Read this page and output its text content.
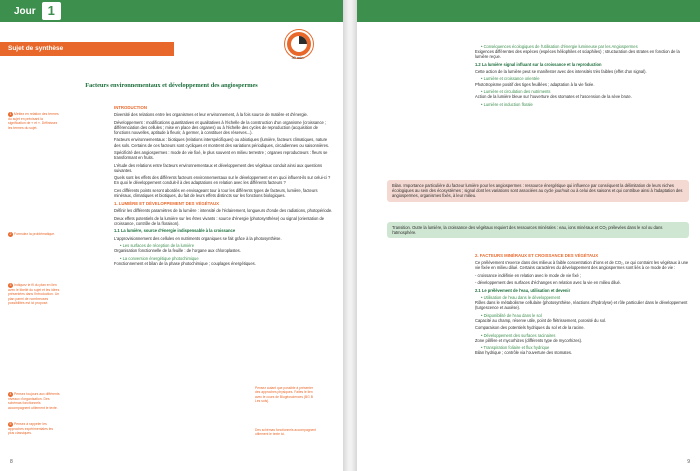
Jour 1
Sujet de synthèse
30 min.
Facteurs environnementaux et développement des angiospermes
1 Mettez en relation des termes du sujet en précisant la signification de « et ». Définissez les termes du sujet.
2 Formulez la problématique.
3 Indiquez le fil du plan en lien avec le libellé du sujet et les idées présentées dans l'introduction. Un plan parmi de nombreuses possibilités est ici proposé.
4 Pensez toujours aux différents niveaux d'organisation. Des schémas fonctionnels accompagnent utilement le texte.
5 Pensez à rappeler les approches expérimentales les plus classiques.
INTRODUCTION

Diversité des relations entre les organismes et leur environnement, à la fois source de matière et d'énergie.

Développement : modifications quantitatives et qualitatives à l'échelle de la construction d'un organisme (croissance ; différenciation des cellules ; mise en place des organes) ou à l'échelle des cycles de reproduction (acquisition de fonctions nouvelles, aptitude à fleurir, à germer, à constituer des réserves...).

Facteurs environnementaux : biotiques (relations interspécifiques) ou abiotiques (lumière, facteurs climatiques, nature des sols. Certains de ces facteurs sont cycliques et montrent des variations périodiques, circadiennes ou saisonnières.

Spécificité des angiospermes : mode de vie fixé, le plus souvent en milieu terrestre ; organes reproducteurs : fleurs se transformant en fruits.

L'étude des relations entre facteurs environnementaux et développement des végétaux conduit ainsi aux questions suivantes.

Quels sont les effets des différents facteurs environnementaux sur le développement et en quoi influent-ils sur celui-ci ? En quoi le développement conduit-il à des adaptations en relation avec les différents facteurs ?

Ces différents points seront abordés en envisageant tour à tour les différents types de facteurs, lumière, facteurs minéraux, climatiques et biotiques, du fait de leurs effets distincts sur les fonctions biologiques.

1. LUMIÈRE ET DÉVELOPPEMENT DES VÉGÉTAUX

Définir les différents paramètres de la lumière : intensité de l'éclairement, longueurs d'onde des radiations, photopériode.

Deux effets potentiels de la lumière sur les êtres vivants : source d'énergie (photosynthèse) ou signal (orientation de croissance, contrôle de la floraison).

1.1 La lumière, source d'énergie indispensable à la croissance

L'approvisionnement des cellules en nutriments organiques se fait grâce à la photosynthèse.

• Les surfaces de réception de la lumière

Organisation fonctionnelle de la feuille : de l'organe aux chloroplastes.

• La conversion énergétique photochimique

Fonctionnement et bilan de la phase photochimique ; couplages énergétiques.

Pensez autant que possible à présenter des approches physiques. Faites le lien avec le cours de Biogéosciences (BG B Les sols).
Des schémas fonctionnels accompagnent utilement le texte ici.
8
• Conséquences écologiques de l'utilisation d'énergie lumineuse par les Angiospermes

Exigences différentes des espèces (espèces héliophiles et sciaphiles) ; structuration des strates en fonction de la lumière reçue.

1.2 La lumière signal influant sur la croissance et la reproduction

Cette action de la lumière peut se manifester avec des intensités très faibles (effet d'un signal).

• Lumière et croissance orientée

Phototropisme positif des tiges feuillées ; adaptation à la vie fixée.

• Lumière et circulation des nutriments

Action de la lumière bleue sur l'ouverture des stomates et l'ascension de la sève brute.

• Lumière et induction florale
Bilan. Importance particulière du facteur lumière pour les angiospermes : ressource énergétique qui influence par conséquent la délimitation de leurs niches écologiques au sein des écosystèmes ; signal dont les variations sont associées au cycle jour/nuit ou à celui des saisons et qui contribue ainsi à l'adaptation des angiospermes, organismes fixés, à leur milieu.
Transition. Outre la lumière, la croissance des végétaux requiert des ressources minérales : eau, ions minéraux et CO₂ prélevées dans le sol ou dans l'atmosphère.
2. FACTEURS MINÉRAUX ET CROISSANCE DES VÉGÉTAUX

Ce prélèvement s'exerce dans des milieux à faible concentration d'ions et de CO₂, ce qui contraint les végétaux à une vie fixée en milieu dilué. Certains caractères du développement des angiospermes sont liés à ce mode de vie :

- croissance indéfinie en relation avec le mode de vie fixé ;

- développement des surfaces d'échanges en relation avec la vie en milieu dilué.

2.1 Le prélèvement de l'eau, utilisation et devenir
• Utilisation de l'eau dans le développement

Rôles dans le métabolisme cellulaire (photosynthèse, réactions d'hydrolyse) et rôle particulier dans le développement (turgescence et auxèse).

• Disponibilité de l'eau dans le sol

Capacité au champ, réserve utile, point de flétrissement, porosité du sol.

Comparaison des potentiels hydriques du sol et de la racine.

• Développement des surfaces racinaires

Zone pilifère et mycorhizes (différents type de mycorhizes).

• Transpiration foliaire et flux hydrique

Bilan hydrique ; contrôle via l'ouverture des stomates.

9
